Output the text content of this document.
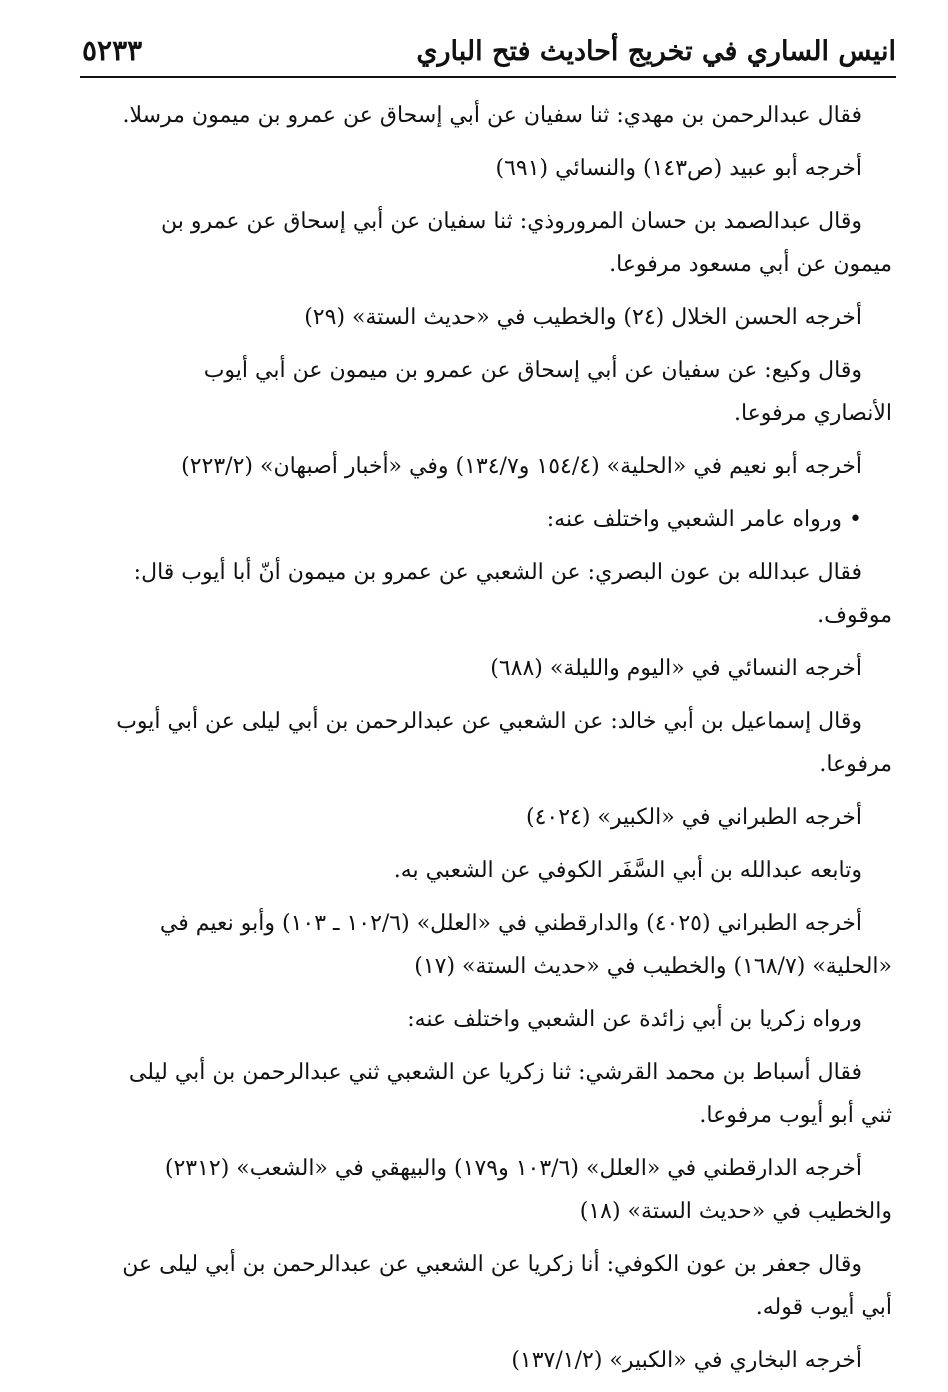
انيس الساري في تخريج أحاديث فتح الباري
٥٢٣٣

فقال عبدالرحمن بن مهدي: ثنا سفيان عن أبي إسحاق عن عمرو بن ميمون مرسلا.

أخرجه أبو عبيد (ص١٤٣) والنسائي (٦٩١)

وقال عبدالصمد بن حسان المروروذي: ثنا سفيان عن أبي إسحاق عن عمرو بن
ميمون عن أبي مسعود مرفوعا.

أخرجه الحسن الخلال (٢٤) والخطيب في «حديث الستة» (٢٩)

وقال وكيع: عن سفيان عن أبي إسحاق عن عمرو بن ميمون عن أبي أيوب
الأنصاري مرفوعا.

أخرجه أبو نعيم في «الحلية» (١٥٤/٤ و١٣٤/٧) وفي «أخبار أصبهان» (٢٢٣/٢)

• ورواه عامر الشعبي واختلف عنه:

فقال عبدالله بن عون البصري: عن الشعبي عن عمرو بن ميمون أنّ أبا أيوب قال:
موقوف.

أخرجه النسائي في «اليوم والليلة» (٦٨٨)

وقال إسماعيل بن أبي خالد: عن الشعبي عن عبدالرحمن بن أبي ليلى عن أبي أيوب
مرفوعا.

أخرجه الطبراني في «الكبير» (٤٠٢٤)

وتابعه عبدالله بن أبي السَّفَر الكوفي عن الشعبي به.

أخرجه الطبراني (٤٠٢٥) والدارقطني في «العلل» (١٠٢/٦ ـ ١٠٣) وأبو نعيم في
«الحلية» (١٦٨/٧) والخطيب في «حديث الستة» (١٧)

ورواه زكريا بن أبي زائدة عن الشعبي واختلف عنه:

فقال أسباط بن محمد القرشي: ثنا زكريا عن الشعبي ثني عبدالرحمن بن أبي ليلى
ثني أبو أيوب مرفوعا.

أخرجه الدارقطني في «العلل» (١٠٣/٦ و١٧٩) والبيهقي في «الشعب» (٢٣١٢)
والخطيب في «حديث الستة» (١٨)

وقال جعفر بن عون الكوفي: أنا زكريا عن الشعبي عن عبدالرحمن بن أبي ليلى عن
أبي أيوب قوله.

أخرجه البخاري في «الكبير» (١٣٧/١/٢)
